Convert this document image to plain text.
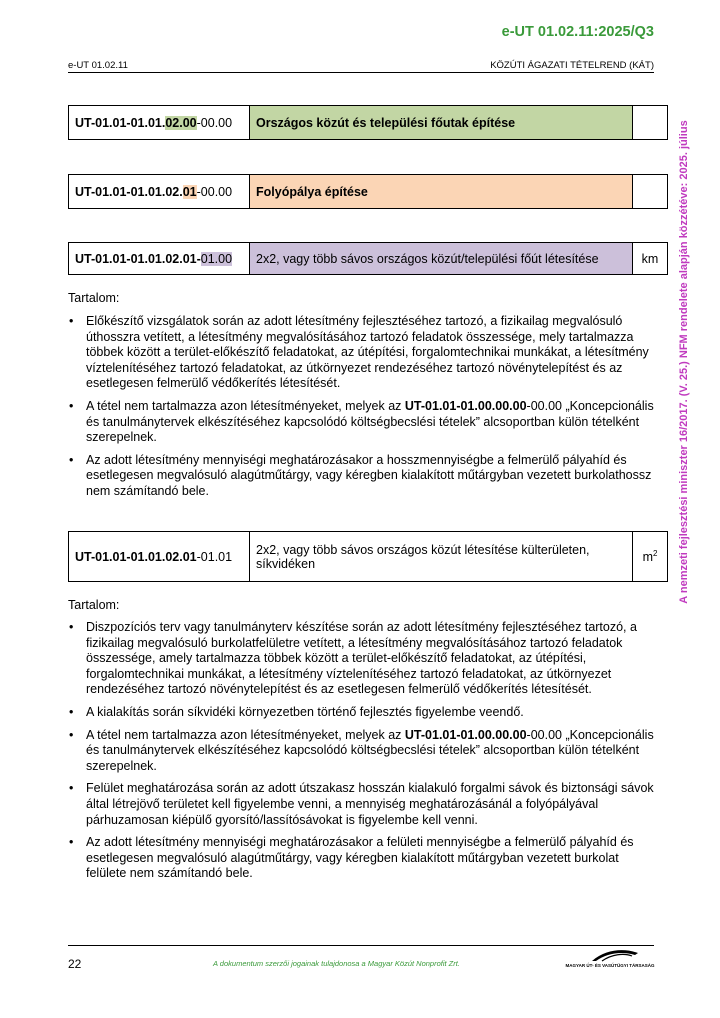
e-UT 01.02.11:2025/Q3
e-UT 01.02.11	KÖZÚTI ÁGAZATI TÉTELREND (KÁT)
A nemzeti fejlesztési miniszter 16/2017. (V. 25.) NFM rendelete alapján közzétéve: 2025. július
UT-01.01-01.01.02.00-00.00	Országos közút és települési főutak építése	
UT-01.01-01.01.02.01-00.00	Folyópálya építése	
UT-01.01-01.01.02.01-01.00	2x2, vagy több sávos országos közút/települési főút létesítése	km
Tartalom:
• Előkészítő vizsgálatok során az adott létesítmény fejlesztéséhez tartozó, a fizikailag megvalósuló úthosszra vetített, a létesítmény megvalósításához tartozó feladatok összessége, mely tartalmazza többek között a terület-előkészítő feladatokat, az útépítési, forgalomtechnikai munkákat, a létesítmény víztelenítéséhez tartozó feladatokat, az útkörnyezet rendezéséhez tartozó növénytelepítést és az esetlegesen felmerülő védőkerítés létesítését.
• A tétel nem tartalmazza azon létesítményeket, melyek az UT-01.01-01.00.00.00-00.00 „Koncepcionális és tanulmánytervek elkészítéséhez kapcsolódó költségbecslési tételek” alcsoportban külön tételként szerepelnek.
• Az adott létesítmény mennyiségi meghatározásakor a hosszmennyiségbe a felmerülő pályahíd és esetlegesen megvalósuló alagútműtárgy, vagy kéregben kialakított műtárgyban vezetett burkolathossz nem számítandó bele.
UT-01.01-01.01.02.01-01.01	2x2, vagy több sávos országos közút létesítése külterületen, síkvidéken	$m^2$
Tartalom:
• Diszpozíciós terv vagy tanulmányterv készítése során az adott létesítmény fejlesztéséhez tartozó, a fizikailag megvalósuló burkolatfelületre vetített, a létesítmény megvalósításához tartozó feladatok összessége, amely tartalmazza többek között a terület-előkészítő feladatokat, az útépítési, forgalomtechnikai munkákat, a létesítmény víztelenítéséhez tartozó feladatokat, az útkörnyezet rendezéséhez tartozó növénytelepítést és az esetlegesen felmerülő védőkerítés létesítését.
• A kialakítás során síkvidéki környezetben történő fejlesztés figyelembe veendő.
• A tétel nem tartalmazza azon létesítményeket, melyek az UT-01.01-01.00.00.00-00.00 „Koncepcionális és tanulmánytervek elkészítéséhez kapcsolódó költségbecslési tételek” alcsoportban külön tételként szerepelnek.
• Felület meghatározása során az adott útszakasz hosszán kialakuló forgalmi sávok és biztonsági sávok által létrejövő területet kell figyelembe venni, a mennyiség meghatározásánál a folyópályával párhuzamosan kiépülő gyorsító/lassítósávokat is figyelembe kell venni.
• Az adott létesítmény mennyiségi meghatározásakor a felületi mennyiségbe a felmerülő pályahíd és esetlegesen megvalósuló alagútműtárgy, vagy kéregben kialakított műtárgyban vezetett burkolat felülete nem számítandó bele.
22	A dokumentum szerzői jogainak tulajdonosa a Magyar Közút Nonprofit Zrt.	MAGYAR ÚT- ÉS VASÚTÜGYI TÁRSASÁG
